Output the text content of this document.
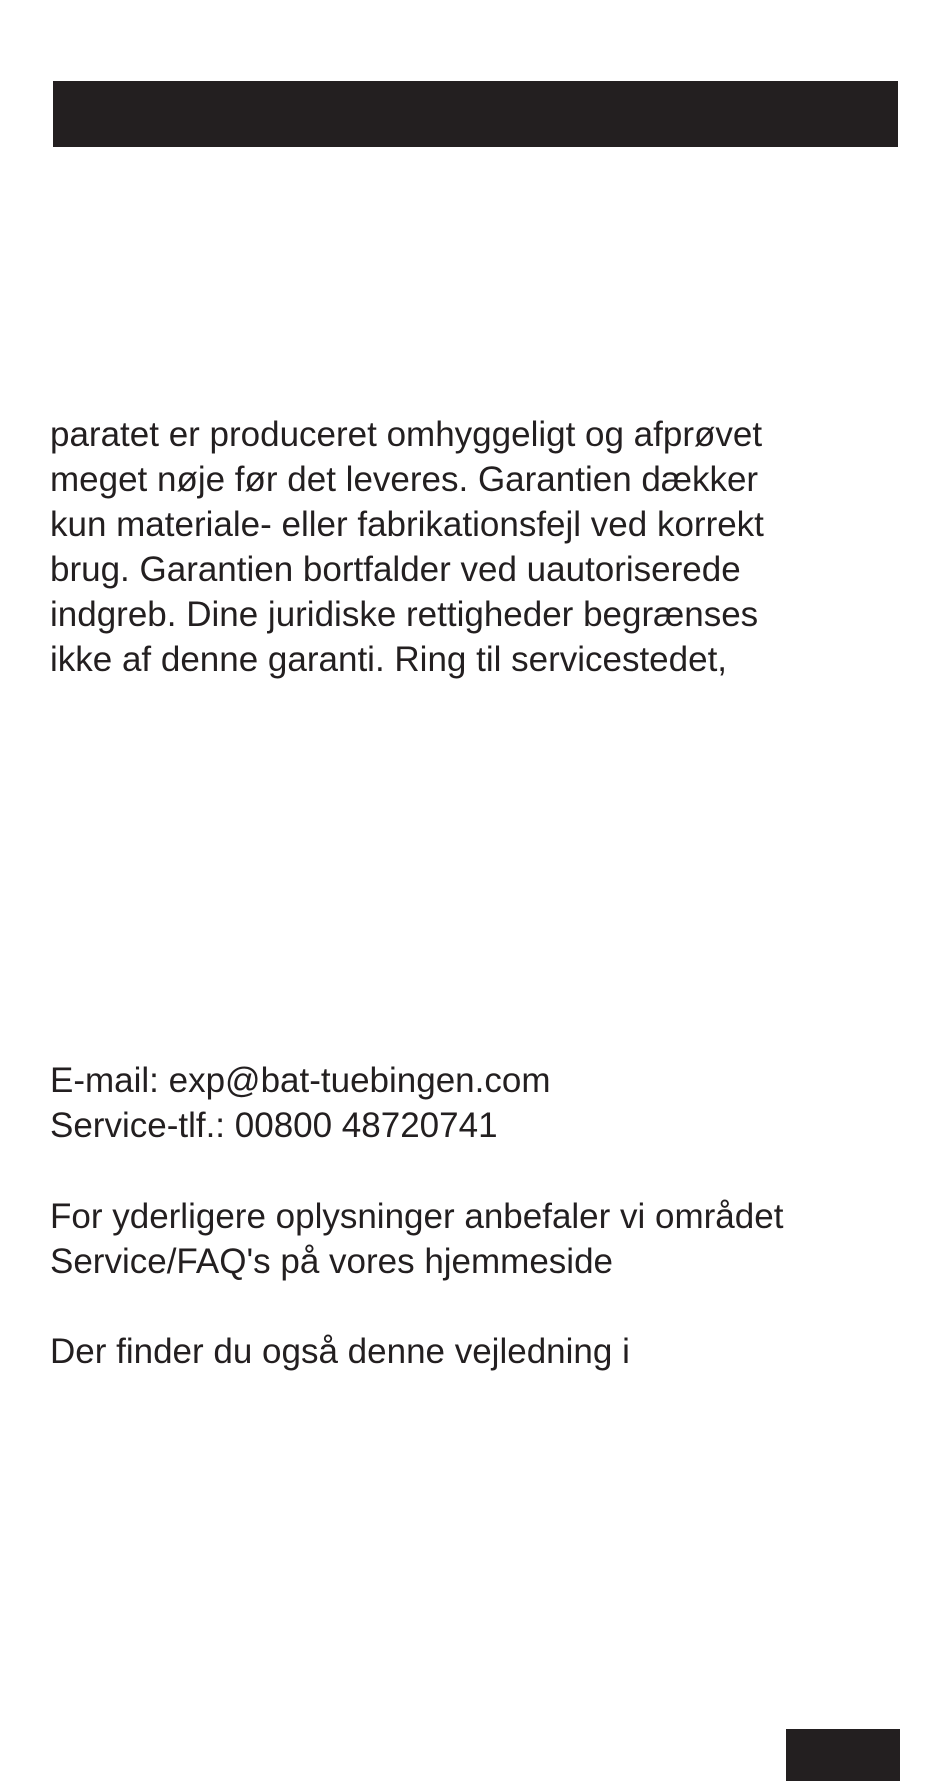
paratet er produceret omhyggeligt og afprøvet
meget nøje før det leveres. Garantien dækker
kun materiale- eller fabrikationsfejl ved korrekt
brug. Garantien bortfalder ved uautoriserede
indgreb. Dine juridiske rettigheder begrænses
ikke af denne garanti. Ring til servicestedet,
E-mail: exp@bat-tuebingen.com
Service-tlf.: 00800 48720741
For yderligere oplysninger anbefaler vi området
Service/FAQ's på vores hjemmeside
Der finder du også denne vejledning i
